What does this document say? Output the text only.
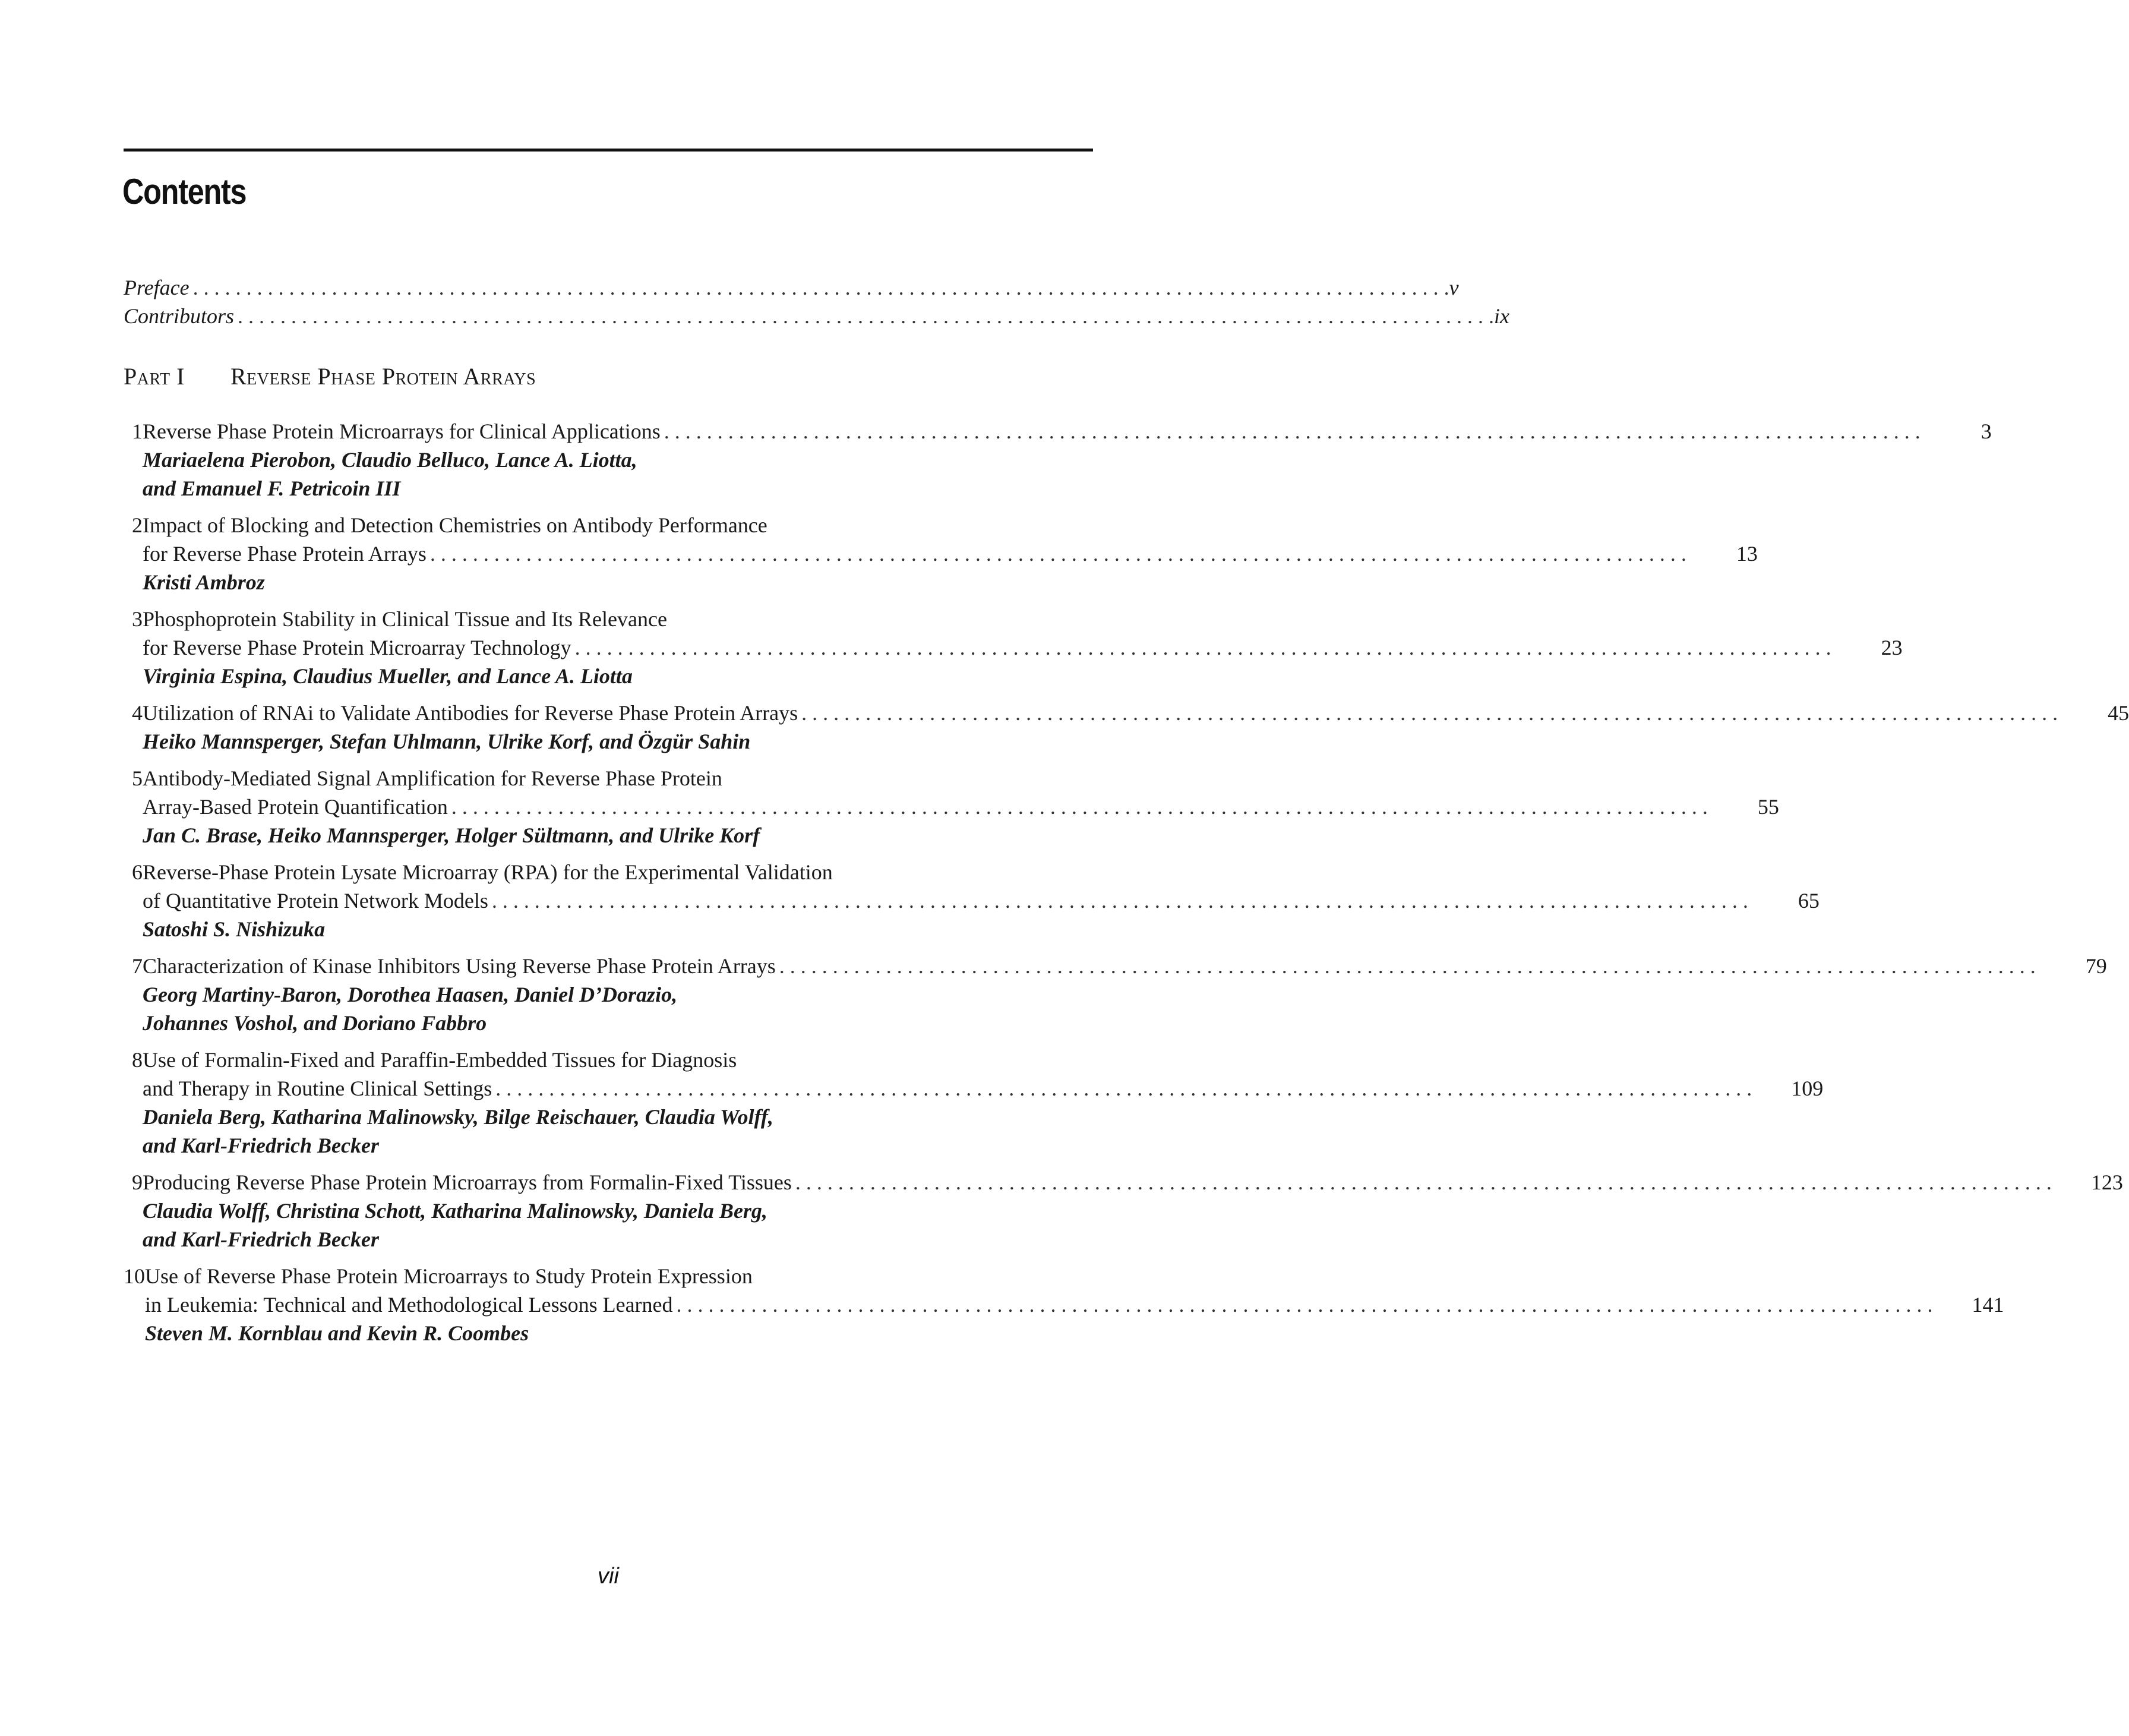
Contents
Preface . . .	v
Contributors . . .	ix
Part I Reverse Phase Protein Arrays
1 Reverse Phase Protein Microarrays for Clinical Applications . . .	3
Mariaelena Pierobon, Claudio Belluco, Lance A. Liotta,
and Emanuel F. Petricoin III
2 Impact of Blocking and Detection Chemistries on Antibody Performance
for Reverse Phase Protein Arrays . . .	13
Kristi Ambroz
3 Phosphoprotein Stability in Clinical Tissue and Its Relevance
for Reverse Phase Protein Microarray Technology . . .	23
Virginia Espina, Claudius Mueller, and Lance A. Liotta
4 Utilization of RNAi to Validate Antibodies for Reverse Phase Protein Arrays . . .	45
Heiko Mannsperger, Stefan Uhlmann, Ulrike Korf, and Özgür Sahin
5 Antibody-Mediated Signal Amplification for Reverse Phase Protein
Array-Based Protein Quantification . . .	55
Jan C. Brase, Heiko Mannsperger, Holger Sültmann, and Ulrike Korf
6 Reverse-Phase Protein Lysate Microarray (RPA) for the Experimental Validation
of Quantitative Protein Network Models . . .	65
Satoshi S. Nishizuka
7 Characterization of Kinase Inhibitors Using Reverse Phase Protein Arrays . . .	79
Georg Martiny-Baron, Dorothea Haasen, Daniel D’Dorazio,
Johannes Voshol, and Doriano Fabbro
8 Use of Formalin-Fixed and Paraffin-Embedded Tissues for Diagnosis
and Therapy in Routine Clinical Settings . . .	109
Daniela Berg, Katharina Malinowsky, Bilge Reischauer, Claudia Wolff,
and Karl-Friedrich Becker
9 Producing Reverse Phase Protein Microarrays from Formalin-Fixed Tissues . . .	123
Claudia Wolff, Christina Schott, Katharina Malinowsky, Daniela Berg,
and Karl-Friedrich Becker
10 Use of Reverse Phase Protein Microarrays to Study Protein Expression
in Leukemia: Technical and Methodological Lessons Learned . . .	141
Steven M. Kornblau and Kevin R. Coombes
vii
